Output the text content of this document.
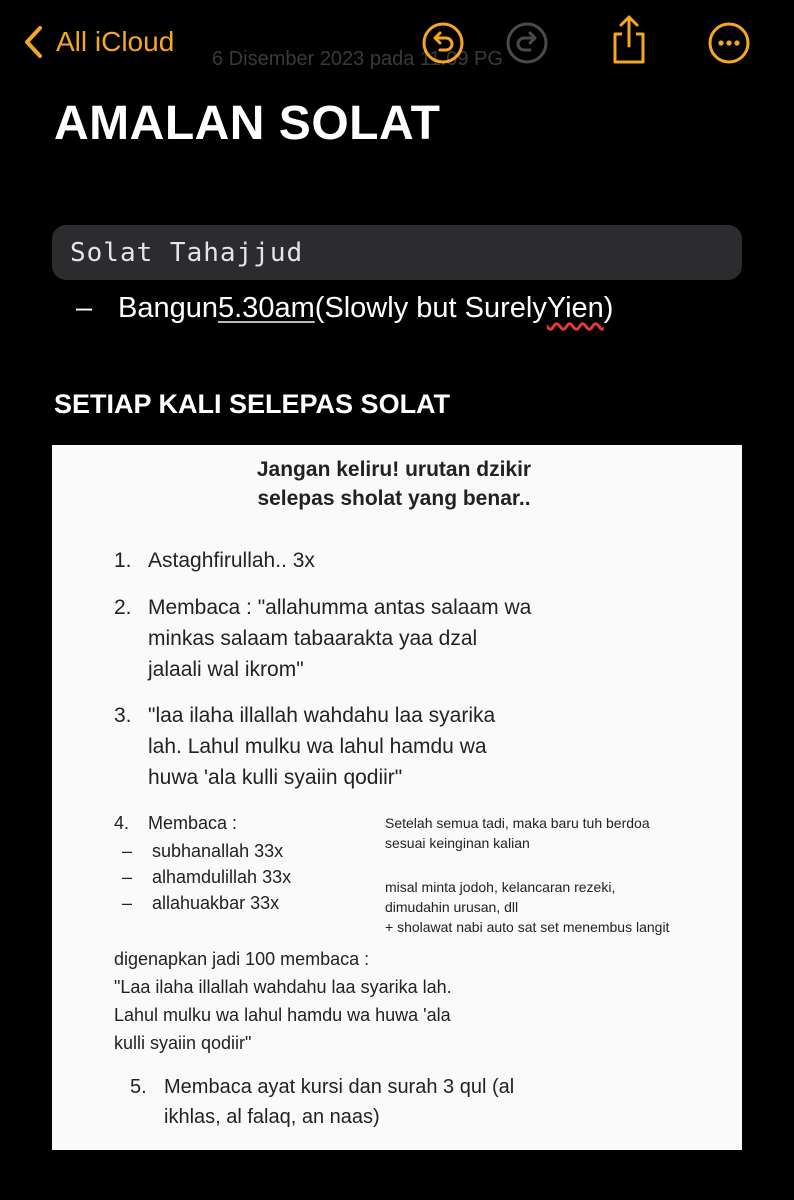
6 Disember 2023 pada 11.09 PG
All iCloud
AMALAN SOLAT
Solat Tahajjud
– Bangun 5.30am (Slowly but Surely Yien )
SETIAP KALI SELEPAS SOLAT
Jangan keliru! urutan dzikir
selepas sholat yang benar..
1. Astaghfirullah.. 3x
2. Membaca : "allahumma antas salaam wa
minkas salaam tabaarakta yaa dzal
jalaali wal ikrom"
3. "laa ilaha illallah wahdahu laa syarika
lah. Lahul mulku wa lahul hamdu wa
huwa 'ala kulli syaiin qodiir"
4. Membaca :
– subhanallah 33x
– alhamdulillah 33x
– allahuakbar 33x
Setelah semua tadi, maka baru tuh berdoa
sesuai keinginan kalian
misal minta jodoh, kelancaran rezeki,
dimudahin urusan, dll
+ sholawat nabi auto sat set menembus langit
digenapkan jadi 100 membaca :
"Laa ilaha illallah wahdahu laa syarika lah.
Lahul mulku wa lahul hamdu wa huwa 'ala
kulli syaiin qodiir"
5. Membaca ayat kursi dan surah 3 qul (al
ikhlas, al falaq, an naas)
